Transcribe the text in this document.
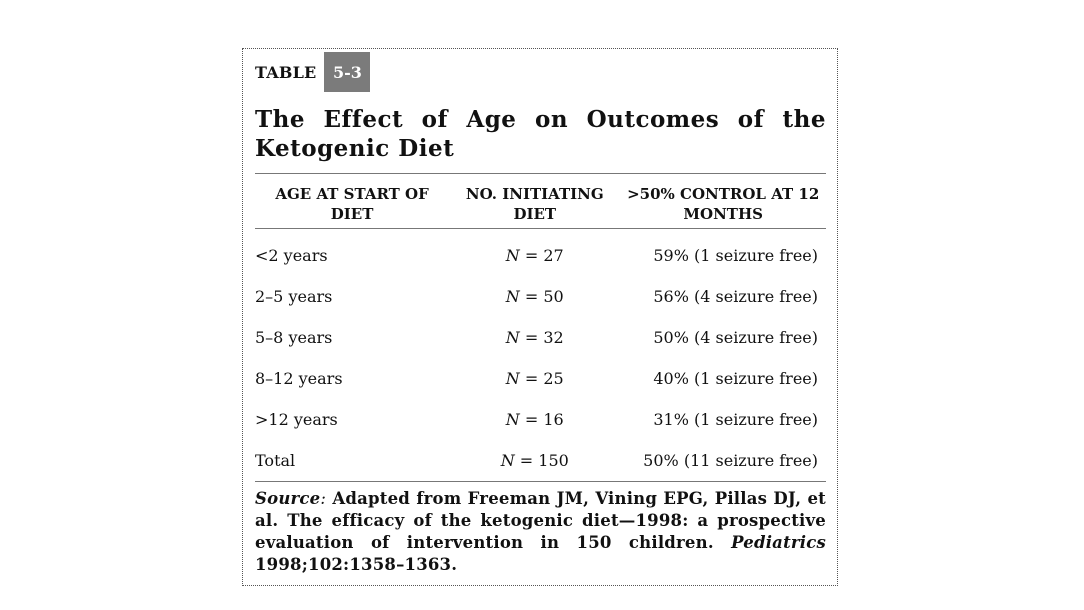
TABLE	5-3
The Effect of Age on Outcomes of the Ketogenic Diet
AGE AT START OF DIET	NO. INITIATING DIET	>50% CONTROL AT 12 MONTHS

<2 years	N = 27	59% (1 seizure free)
2–5 years	N = 50	56% (4 seizure free)
5–8 years	N = 32	50% (4 seizure free)
8–12 years	N = 25	40% (1 seizure free)
>12 years	N = 16	31% (1 seizure free)
Total	N = 150	50% (11 seizure free)
Source: Adapted from Freeman JM, Vining EPG, Pillas DJ, et al. The efficacy of the ketogenic diet—1998: a prospective evaluation of intervention in 150 children. Pediatrics 1998;102:1358–1363.
